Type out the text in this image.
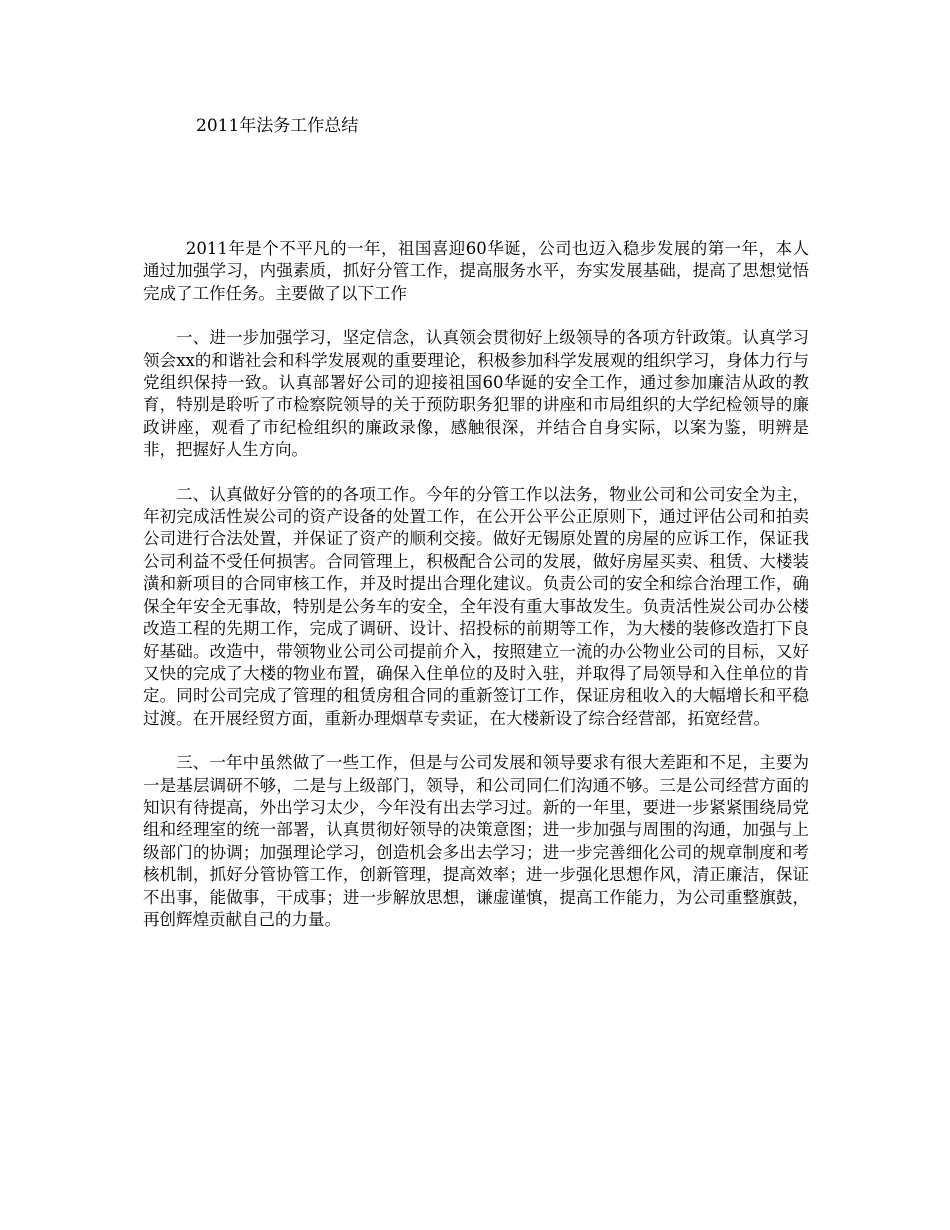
2011年法务工作总结

2011年是个不平凡的一年，祖国喜迎60华诞，公司也迈入稳步发展的第一年，本人通过加强学习，内强素质，抓好分管工作，提高服务水平，夯实发展基础，提高了思想觉悟完成了工作任务。主要做了以下工作

一、进一步加强学习，坚定信念，认真领会贯彻好上级领导的各项方针政策。认真学习领会xx的和谐社会和科学发展观的重要理论，积极参加科学发展观的组织学习，身体力行与党组织保持一致。认真部署好公司的迎接祖国60华诞的安全工作，通过参加廉洁从政的教育，特别是聆听了市检察院领导的关于预防职务犯罪的讲座和市局组织的大学纪检领导的廉政讲座，观看了市纪检组织的廉政录像，感触很深，并结合自身实际，以案为鉴，明辨是非，把握好人生方向。

二、认真做好分管的的各项工作。今年的分管工作以法务，物业公司和公司安全为主，年初完成活性炭公司的资产设备的处置工作，在公开公平公正原则下，通过评估公司和拍卖公司进行合法处置，并保证了资产的顺利交接。做好无锡原处置的房屋的应诉工作，保证我公司利益不受任何损害。合同管理上，积极配合公司的发展，做好房屋买卖、租赁、大楼装潢和新项目的合同审核工作，并及时提出合理化建议。负责公司的安全和综合治理工作，确保全年安全无事故，特别是公务车的安全，全年没有重大事故发生。负责活性炭公司办公楼改造工程的先期工作，完成了调研、设计、招投标的前期等工作，为大楼的装修改造打下良好基础。改造中，带领物业公司公司提前介入，按照建立一流的办公物业公司的目标，又好又快的完成了大楼的物业布置，确保入住单位的及时入驻，并取得了局领导和入住单位的肯定。同时公司完成了管理的租赁房租合同的重新签订工作，保证房租收入的大幅增长和平稳过渡。在开展经贸方面，重新办理烟草专卖证，在大楼新设了综合经营部，拓宽经营。

三、一年中虽然做了一些工作，但是与公司发展和领导要求有很大差距和不足，主要为一是基层调研不够，二是与上级部门，领导，和公司同仁们沟通不够。三是公司经营方面的知识有待提高，外出学习太少，今年没有出去学习过。新的一年里，要进一步紧紧围绕局党组和经理室的统一部署，认真贯彻好领导的决策意图；进一步加强与周围的沟通，加强与上级部门的协调；加强理论学习，创造机会多出去学习；进一步完善细化公司的规章制度和考核机制，抓好分管协管工作，创新管理，提高效率；进一步强化思想作风，清正廉洁，保证不出事，能做事，干成事；进一步解放思想，谦虚谨慎，提高工作能力，为公司重整旗鼓，再创辉煌贡献自己的力量。
